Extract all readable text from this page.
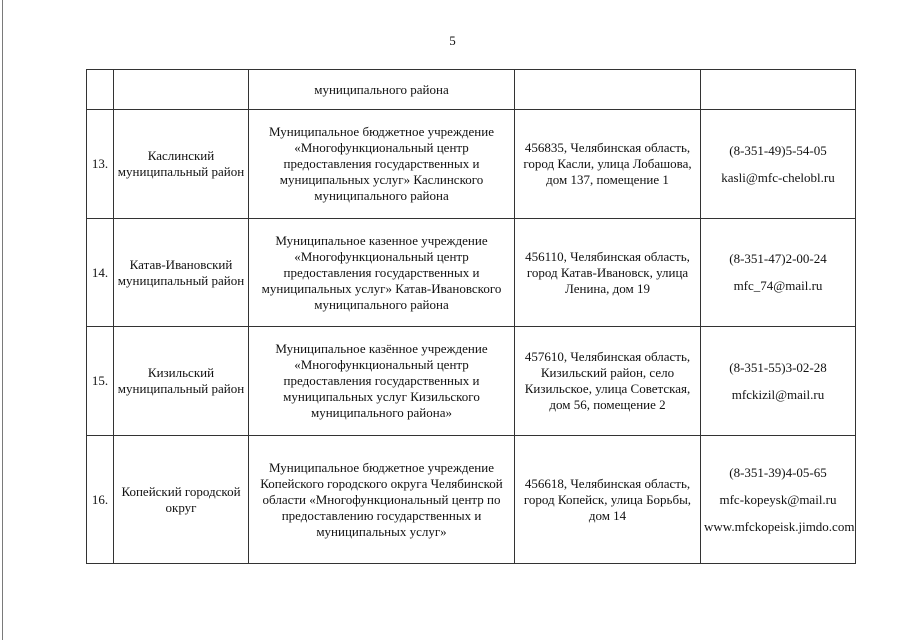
5
		муниципального района		
13.	Каслинский муниципальный район	Муниципальное бюджетное учреждение «Многофункциональный центр предоставления государственных и муниципальных услуг» Каслинского муниципального района	456835, Челябинская область, город Касли, улица Лобашова, дом 137, помещение 1	(8-351-49)5-54-05
kasli@mfc-chelobl.ru

14.	Катав-Ивановский муниципальный район	Муниципальное казенное учреждение «Многофункциональный центр предоставления государственных и муниципальных услуг» Катав-Ивановского муниципального района	456110, Челябинская область, город Катав-Ивановск, улица Ленина, дом 19	(8-351-47)2-00-24
mfc_74@mail.ru

15.	Кизильский муниципальный район	Муниципальное казённое учреждение «Многофункциональный центр предоставления государственных и муниципальных услуг Кизильского муниципального района»	457610, Челябинская область, Кизильский район, село Кизильское, улица Советская, дом 56, помещение 2	(8-351-55)3-02-28
mfckizil@mail.ru

16.	Копейский городской округ	Муниципальное бюджетное учреждение Копейского городского округа Челябинской области «Многофункциональный центр по предоставлению государственных и муниципальных услуг»	456618, Челябинская область, город Копейск, улица Борьбы, дом 14	(8-351-39)4-05-65
mfc-kopeysk@mail.ru
www.mfckopeisk.jimdo.com
